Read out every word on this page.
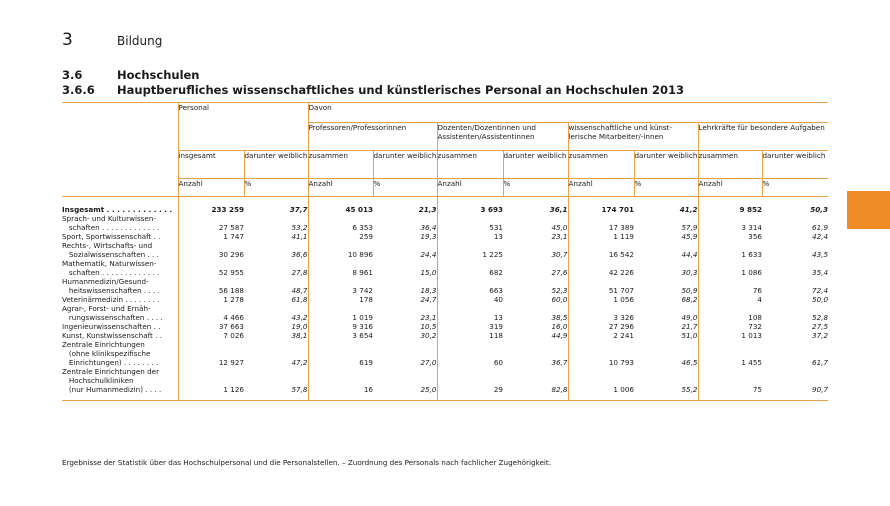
3	Bildung
3.6	Hochschulen
3.6.6 Hauptberufliches wissenschaftliches und künstlerisches Personal an Hochschulen 2013
	Personal		Davon							
			Professoren/Professorinnen		Dozenten/Dozentinnen und Assistenten/Assistentinnen		wissenschaftliche und künst-lerische Mitarbeiter/-innen		Lehrkräfte für besondere Aufgaben	
	insgesamt	darunter weiblich	zusammen	darunter weiblich	zusammen	darunter weiblich	zusammen	darunter weiblich	zusammen	darunter weiblich
	Anzahl	%	Anzahl	%	Anzahl	%	Anzahl	%	Anzahl	%

Insgesamt . . . . . . . . . . . . .	233 259	37,7	45 013	21,3	3 693	36,1	174 701	41,2	9 852	50,3

Sprach- und Kulturwissen-
schaften . . . . . . . . . . . . .	27 587	53,2	6 353	36,4	531	45,0	17 389	57,9	3 314	61,9

Sport, Sportwissenschaft . .	1 747	41,1	259	19,3	13	23,1	1 119	45,9	356	42,4

Rechts-, Wirtschafts- und
Sozialwissenschaften . . .	30 296	36,6	10 896	24,4	1 225	30,7	16 542	44,4	1 633	43,5

Mathematik, Naturwissen-
schaften . . . . . . . . . . . . .	52 955	27,8	8 961	15,0	682	27,6	42 226	30,3	1 086	35,4

Humanmedizin/Gesund-
heitswissenschaften . . . .	56 188	48,7	3 742	18,3	663	52,3	51 707	50,9	76	72,4

Veterinärmedizin . . . . . . . .	1 278	61,8	178	24,7	40	60,0	1 056	68,2	4	50,0

Agrar-, Forst- und Ernäh-
rungswissenschaften . . . .	4 466	43,2	1 019	23,1	13	38,5	3 326	49,0	108	52,8

Ingenieurwissenschaften . .	37 663	19,0	9 316	10,5	319	16,0	27 296	21,7	732	27,5

Kunst, Kunstwissenschaft . .	7 026	38,1	3 654	30,2	118	44,9	2 241	51,0	1 013	37,2

Zentrale Einrichtungen
(ohne klinikspezifische
Einrichtungen) . . . . . . . .	12 927	47,2	619	27,0	60	36,7	10 793	46,5	1 455	61,7

Zentrale Einrichtungen der
Hochschulkliniken
(nur Humanmedizin) . . . .	1 126	57,8	16	25,0	29	82,8	1 006	55,2	75	90,7

Ergebnisse der Statistik über das Hochschulpersonal und die Personalstellen. – Zuordnung des Personals nach fachlicher Zugehörigkeit.
